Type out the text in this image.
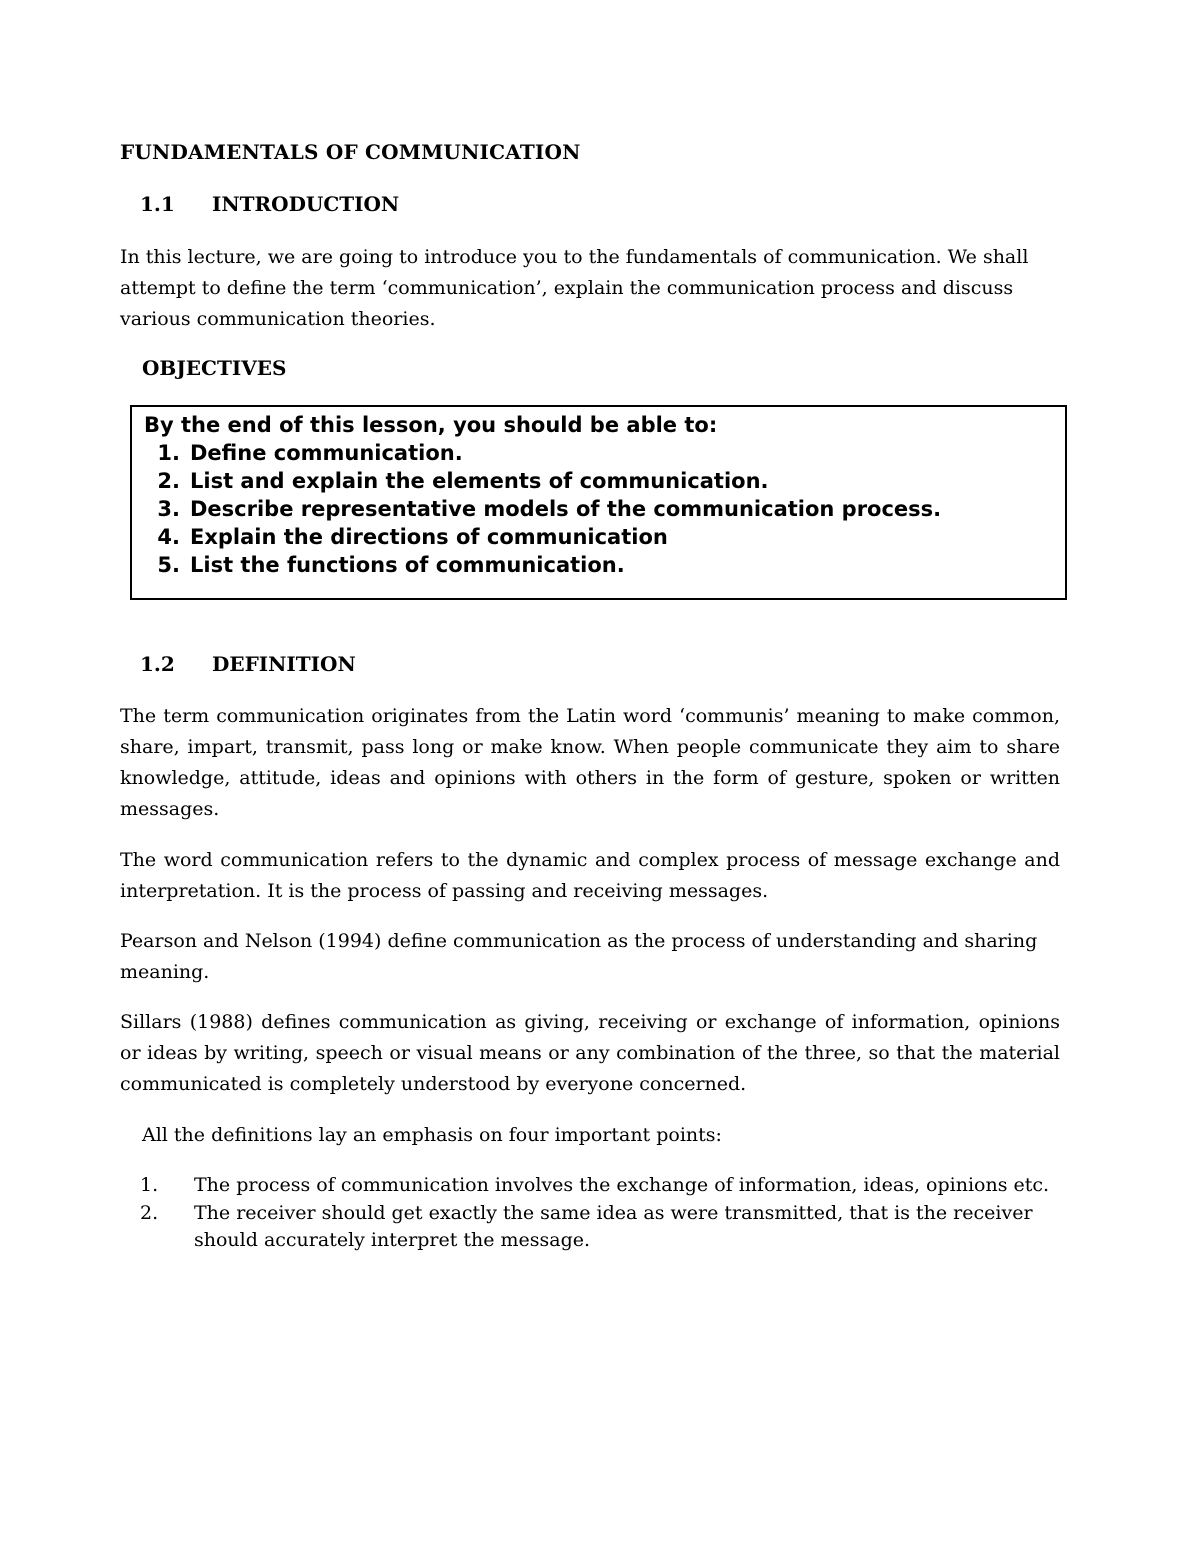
FUNDAMENTALS OF COMMUNICATION
1.1 INTRODUCTION

In this lecture, we are going to introduce you to the fundamentals of communication. We shall attempt to define the term ‘communication’, explain the communication process and discuss various communication theories.

OBJECTIVES
By the end of this lesson, you should be able to:
1. Define communication.
2. List and explain the elements of communication.
3. Describe representative models of the communication process.
4. Explain the directions of communication
5. List the functions of communication.
1.2 DEFINITION

The term communication originates from the Latin word ‘communis’ meaning to make common, share, impart, transmit, pass long or make know. When people communicate they aim to share knowledge, attitude, ideas and opinions with others in the form of gesture, spoken or written messages.

The word communication refers to the dynamic and complex process of message exchange and interpretation. It is the process of passing and receiving messages.

Pearson and Nelson (1994) define communication as the process of understanding and sharing meaning.

Sillars (1988) defines communication as giving, receiving or exchange of information, opinions or ideas by writing, speech or visual means or any combination of the three, so that the material communicated is completely understood by everyone concerned.

All the definitions lay an emphasis on four important points:

1. The process of communication involves the exchange of information, ideas, opinions etc.
2. The receiver should get exactly the same idea as were transmitted, that is the receiver should accurately interpret the message.
